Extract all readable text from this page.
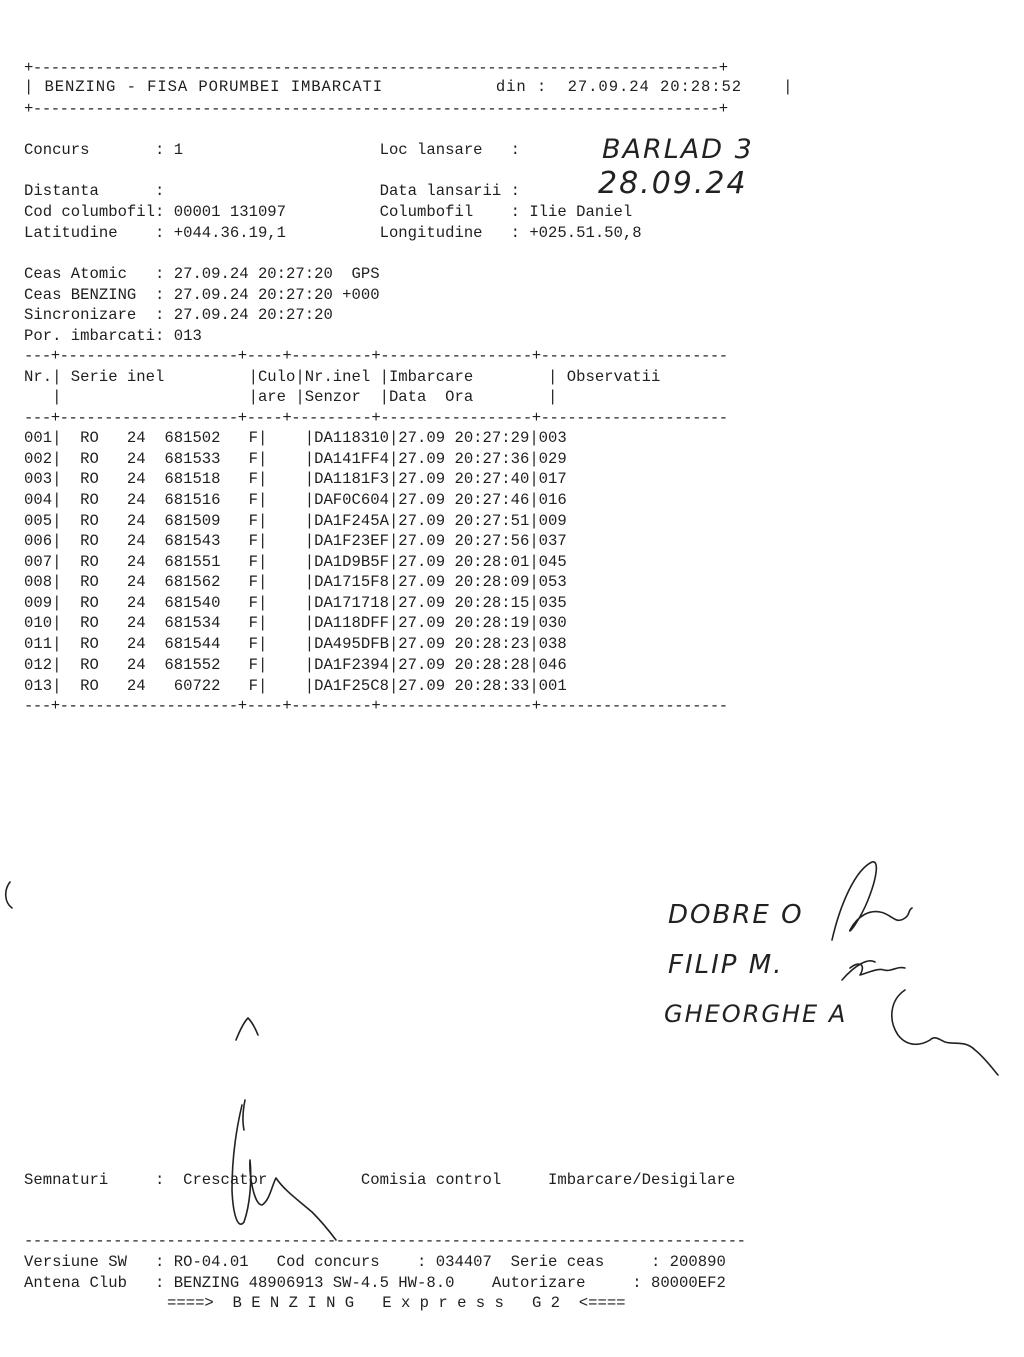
+-----------------------------------------------------------------------------+
| BENZING - FISA PORUMBEI IMBARCATI           din :  27.09.24 20:28:52    |
+-----------------------------------------------------------------------------+
Concurs       : 1                     Loc lansare   :
Distanta      :                       Data lansarii :
Cod columbofil: 00001 131097          Columbofil    : Ilie Daniel
Latitudine    : +044.36.19,1          Longitudine   : +025.51.50,8
Ceas Atomic   : 27.09.24 20:27:20  GPS
Ceas BENZING  : 27.09.24 20:27:20 +000
Sincronizare  : 27.09.24 20:27:20
Por. imbarcati: 013
BARLAD 3
28.09.24
---+--------------------+----+---------+-----------------+---------------------
Nr.| Serie inel         |Culo|Nr.inel |Imbarcare        | Observatii
|                    |are |Senzor  |Data  Ora        |
---+--------------------+----+---------+-----------------+---------------------
001|  RO   24  681502   F|    |DA118310|27.09 20:27:29|003
002|  RO   24  681533   F|    |DA141FF4|27.09 20:27:36|029
003|  RO   24  681518   F|    |DA1181F3|27.09 20:27:40|017
004|  RO   24  681516   F|    |DAF0C604|27.09 20:27:46|016
005|  RO   24  681509   F|    |DA1F245A|27.09 20:27:51|009
006|  RO   24  681543   F|    |DA1F23EF|27.09 20:27:56|037
007|  RO   24  681551   F|    |DA1D9B5F|27.09 20:28:01|045
008|  RO   24  681562   F|    |DA1715F8|27.09 20:28:09|053
009|  RO   24  681540   F|    |DA171718|27.09 20:28:15|035
010|  RO   24  681534   F|    |DA118DFF|27.09 20:28:19|030
011|  RO   24  681544   F|    |DA495DFB|27.09 20:28:23|038
012|  RO   24  681552   F|    |DA1F2394|27.09 20:28:28|046
013|  RO   24   60722   F|    |DA1F25C8|27.09 20:28:33|001
---+--------------------+----+---------+-----------------+---------------------
DOBRE O
FILIP M.
GHEORGHE A
Semnaturi     :  Crescator          Comisia control     Imbarcare/Desigilare
---------------------------------------------------------------------------------
Versiune SW   : RO-04.01   Cod concurs    : 034407  Serie ceas     : 200890
Antena Club   : BENZING 48906913 SW-4.5 HW-8.0    Autorizare     : 80000EF2
====>  B E N Z I N G   E x p r e s s   G 2  <====
